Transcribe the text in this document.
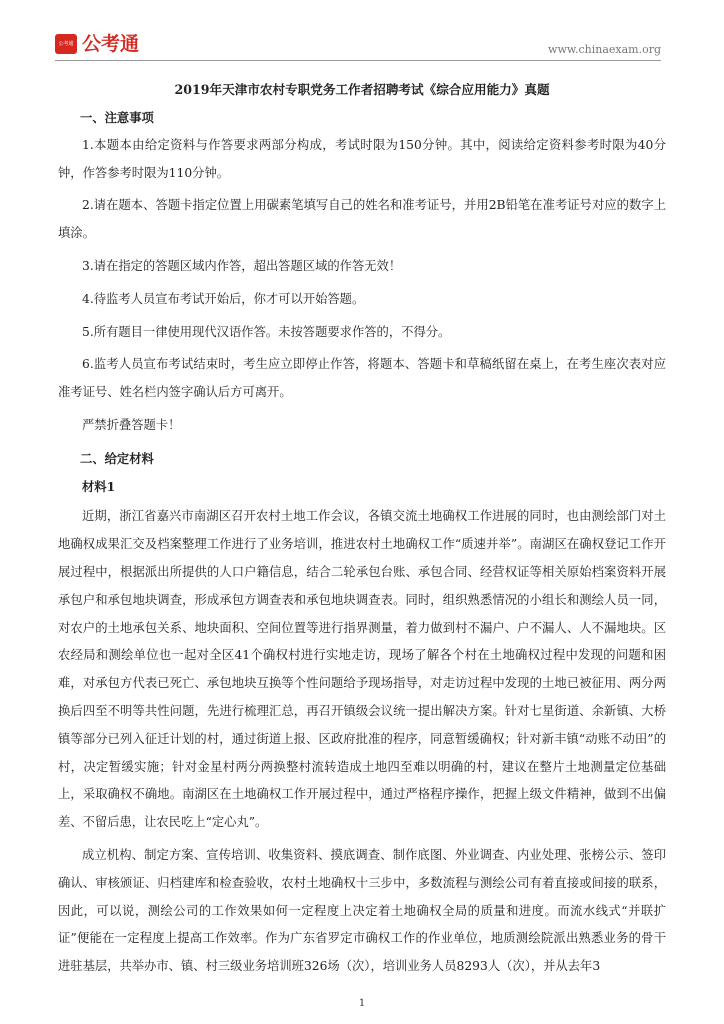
公考通 公考通	www.chinaexam.org
2019年天津市农村专职党务工作者招聘考试《综合应用能力》真题
一、注意事项

1.本题本由给定资料与作答要求两部分构成，考试时限为150分钟。其中，阅读给定资料参考时限为40分钟，作答参考时限为110分钟。

2.请在题本、答题卡指定位置上用碳素笔填写自己的姓名和准考证号，并用2B铅笔在准考证号对应的数字上填涂。

3.请在指定的答题区域内作答，超出答题区域的作答无效！

4.待监考人员宣布考试开始后，你才可以开始答题。

5.所有题目一律使用现代汉语作答。未按答题要求作答的，不得分。

6.监考人员宣布考试结束时，考生应立即停止作答，将题本、答题卡和草稿纸留在桌上，在考生座次表对应准考证号、姓名栏内签字确认后方可离开。

严禁折叠答题卡！

二、给定材料
材料1

近期，浙江省嘉兴市南湖区召开农村土地工作会议，各镇交流土地确权工作进展的同时，也由测绘部门对土地确权成果汇交及档案整理工作进行了业务培训，推进农村土地确权工作“质速并举”。南湖区在确权登记工作开展过程中，根据派出所提供的人口户籍信息，结合二轮承包台账、承包合同、经营权证等相关原始档案资料开展承包户和承包地块调查，形成承包方调查表和承包地块调查表。同时，组织熟悉情况的小组长和测绘人员一同，对农户的土地承包关系、地块面积、空间位置等进行指界测量，着力做到村不漏户、户不漏人、人不漏地块。区农经局和测绘单位也一起对全区41个确权村进行实地走访，现场了解各个村在土地确权过程中发现的问题和困难，对承包方代表已死亡、承包地块互换等个性问题给予现场指导，对走访过程中发现的土地已被征用、两分两换后四至不明等共性问题，先进行梳理汇总，再召开镇级会议统一提出解决方案。针对七星街道、余新镇、大桥镇等部分已列入征迁计划的村，通过街道上报、区政府批准的程序，同意暂缓确权；针对新丰镇“动账不动田”的村，决定暂缓实施；针对金星村两分两换整村流转造成土地四至难以明确的村，建议在整片土地测量定位基础上，采取确权不确地。南湖区在土地确权工作开展过程中，通过严格程序操作，把握上级文件精神，做到不出偏差、不留后患，让农民吃上“定心丸”。

成立机构、制定方案、宣传培训、收集资料、摸底调查、制作底图、外业调查、内业处理、张榜公示、签印确认、审核颁证、归档建库和检查验收，农村土地确权十三步中，多数流程与测绘公司有着直接或间接的联系，因此，可以说，测绘公司的工作效果如何一定程度上决定着土地确权全局的质量和进度。而流水线式“并联扩证”便能在一定程度上提高工作效率。作为广东省罗定市确权工作的作业单位，地质测绘院派出熟悉业务的骨干进驻基层，共举办市、镇、村三级业务培训班326场（次），培训业务人员8293人（次），并从去年3

1
